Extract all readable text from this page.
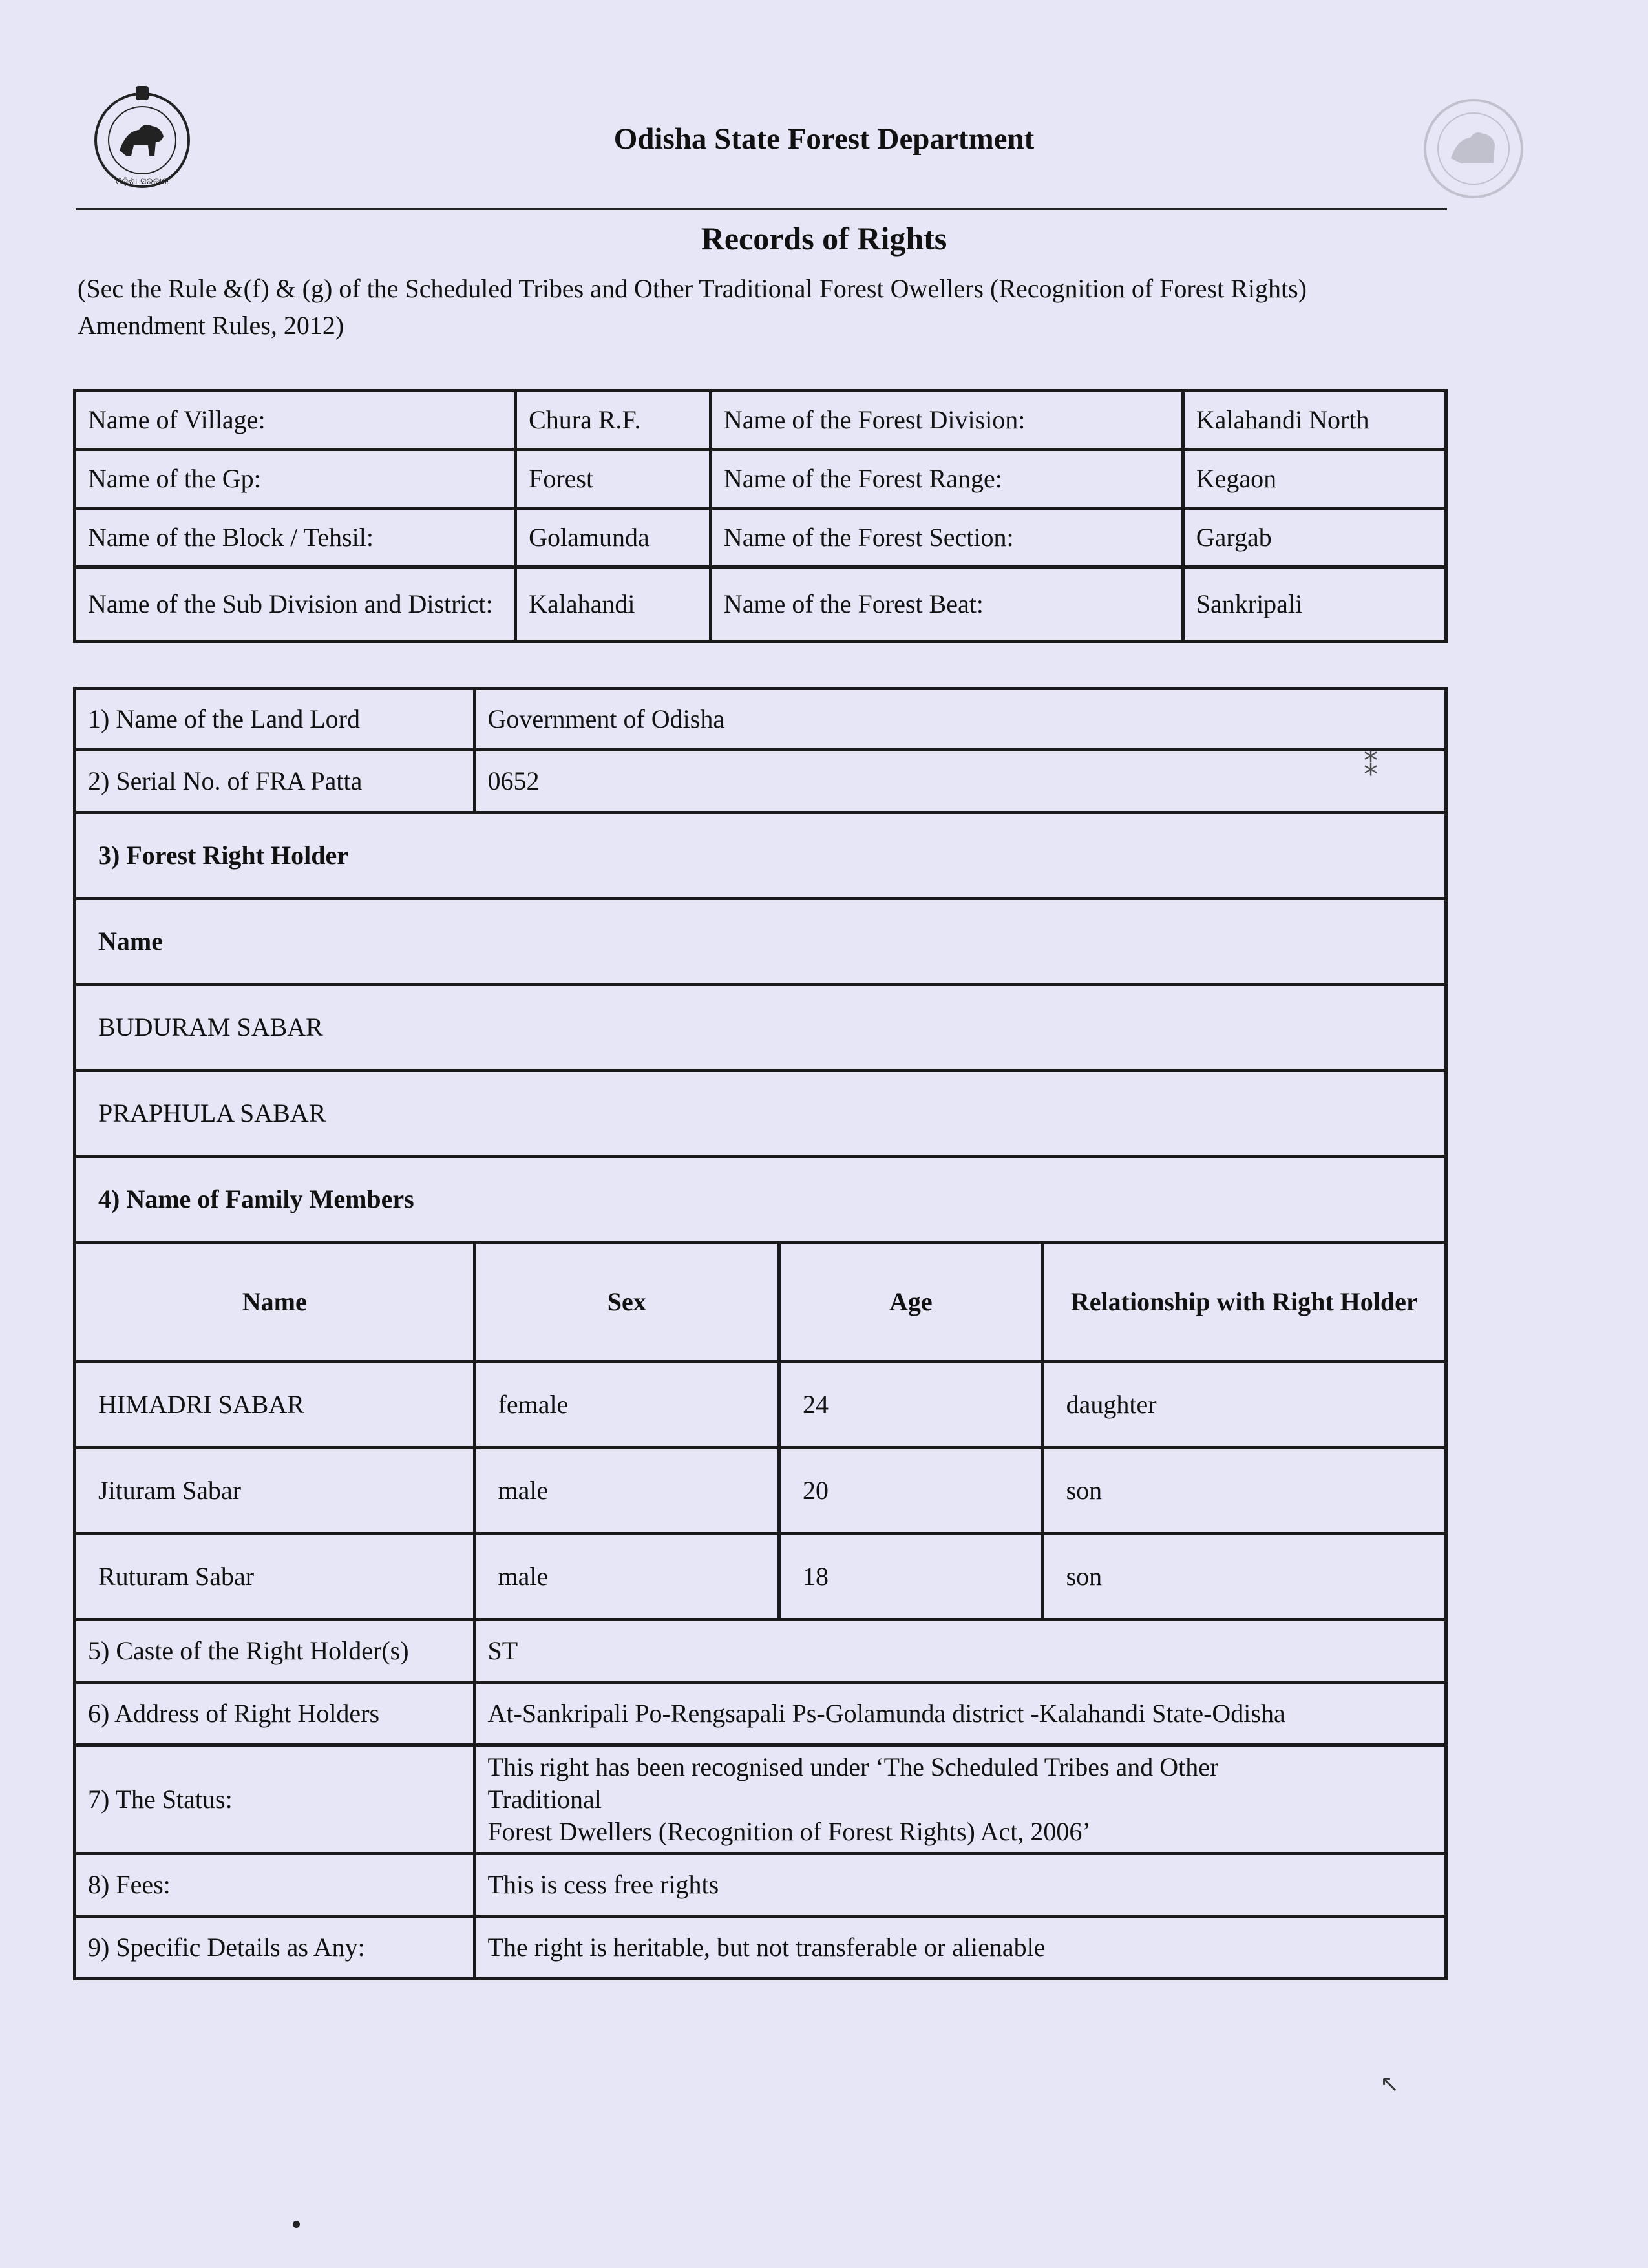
ଓଡ଼ିଶା ସରକାର
Odisha State Forest Department
Records of Rights
(Sec the Rule &(f) & (g) of the Scheduled Tribes and Other Traditional Forest Owellers (Recognition of Forest Rights) Amendment Rules, 2012)
Name of Village:	Chura R.F.	Name of the Forest Division:	Kalahandi North
Name of the Gp:	Forest	Name of the Forest Range:	Kegaon
Name of the Block / Tehsil:	Golamunda	Name of the Forest Section:	Gargab
Name of the Sub Division and District:	Kalahandi	Name of the Forest Beat:	Sankripali
1) Name of the Land Lord	Government of Odisha		
2) Serial No. of FRA Patta	0652		
3) Forest Right Holder			
Name			
BUDURAM SABAR			
PRAPHULA SABAR			
4) Name of Family Members			
Name	Sex	Age	Relationship with Right Holder
HIMADRI SABAR	female	24	daughter
Jituram Sabar	male	20	son
Ruturam Sabar	male	18	son
5) Caste of the Right Holder(s)	ST		
6) Address of Right Holders	At-Sankripali Po-Rengsapali Ps-Golamunda district -Kalahandi State-Odisha		
7) The Status:	This right has been recognised under ‘The Scheduled Tribes and Other Traditional
Forest Dwellers (Recognition of Forest Rights) Act, 2006’		

8) Fees:	This is cess free rights		
9) Specific Details as Any:	The right is heritable, but not transferable or alienable		
⁑
↖
